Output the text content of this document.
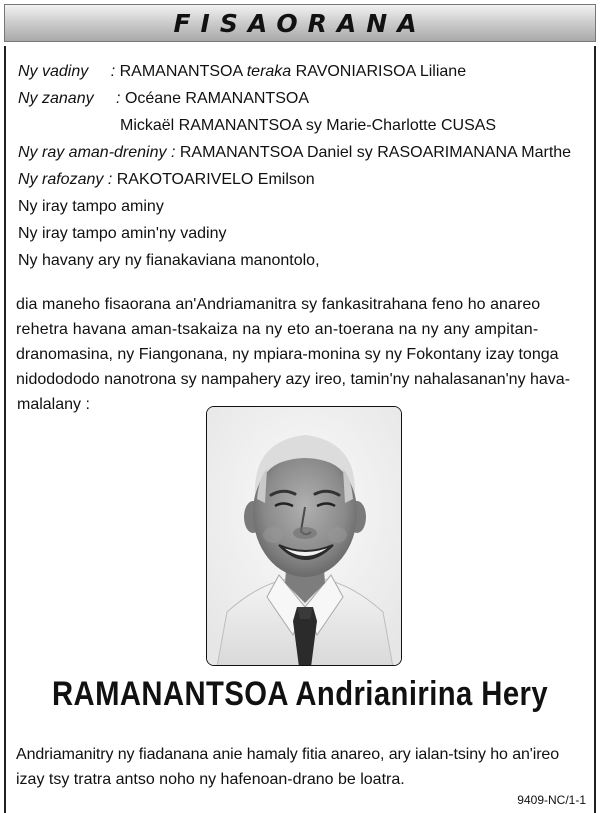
FISAORANA
Ny vadiny : RAMANANTSOA teraka RAVONIARISOA Liliane
Ny zanany : Océane RAMANANTSOA
Mickaël RAMANANTSOA sy Marie-Charlotte CUSAS
Ny ray aman-dreniny : RAMANANTSOA Daniel sy RASOARIMANANA Marthe
Ny rafozany : RAKOTOARIVELO Emilson
Ny iray tampo aminy
Ny iray tampo amin'ny vadiny
Ny havany ary ny fianakaviana manontolo,
dia maneho fisaorana an'Andriamanitra sy fankasitrahana feno ho anareo
rehetra havana aman-tsakaiza na ny eto an-toerana na ny any ampitan-
dranomasina, ny Fiangonana, ny mpiara-monina sy ny Fokontany izay tonga
nidodododo nanotrona sy nampahery azy ireo, tamin'ny nahalasanan'ny hava-
malalany :
RAMANANTSOA Andrianirina Hery
Andriamanitry ny fiadanana anie hamaly fitia anareo, ary ialan-tsiny ho an'ireo
izay tsy tratra antso noho ny hafenoan-drano be loatra.
9409-NC/1-1
